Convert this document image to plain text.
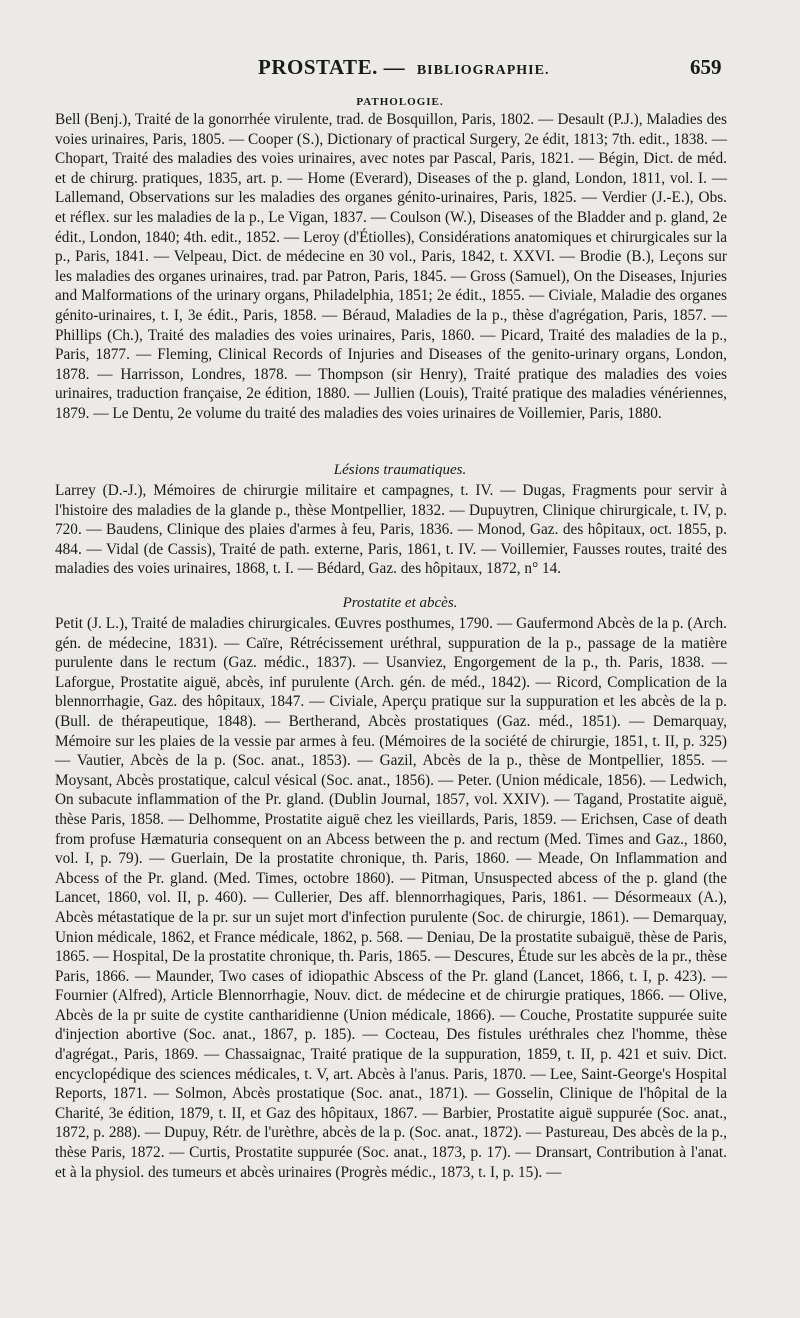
PROSTATE. — BIBLIOGRAPHIE.	659
PATHOLOGIE.
Bell (Benj.), Traité de la gonorrhée virulente, trad. de Bosquillon, Paris, 1802. — Desault (P.J.), Maladies des voies urinaires, Paris, 1805. — Cooper (S.), Dictionary of practical Surgery, 2e édit, 1813; 7th. edit., 1838. — Chopart, Traité des maladies des voies urinaires, avec notes par Pascal, Paris, 1821. — Bégin, Dict. de méd. et de chirurg. pratiques, 1835, art. p. — Home (Everard), Diseases of the p. gland, London, 1811, vol. I. — Lallemand, Observations sur les maladies des organes génito-urinaires, Paris, 1825. — Verdier (J.-E.), Obs. et réflex. sur les maladies de la p., Le Vigan, 1837. — Coulson (W.), Diseases of the Bladder and p. gland, 2e édit., London, 1840; 4th. edit., 1852. — Leroy (d'Étiolles), Considérations anatomiques et chirurgicales sur la p., Paris, 1841. — Velpeau, Dict. de médecine en 30 vol., Paris, 1842, t. XXVI. — Brodie (B.), Leçons sur les maladies des organes urinaires, trad. par Patron, Paris, 1845. — Gross (Samuel), On the Diseases, Injuries and Malformations of the urinary organs, Philadelphia, 1851; 2e édit., 1855. — Civiale, Maladie des organes génito-urinaires, t. I, 3e édit., Paris, 1858. — Béraud, Maladies de la p., thèse d'agrégation, Paris, 1857. — Phillips (Ch.), Traité des maladies des voies urinaires, Paris, 1860. — Picard, Traité des maladies de la p., Paris, 1877. — Fleming, Clinical Records of Injuries and Diseases of the genito-urinary organs, London, 1878. — Harrisson, Londres, 1878. — Thompson (sir Henry), Traité pratique des maladies des voies urinaires, traduction française, 2e édition, 1880. — Jullien (Louis), Traité pratique des maladies vénériennes, 1879. — Le Dentu, 2e volume du traité des maladies des voies urinaires de Voillemier, Paris, 1880.
Lésions traumatiques.
Larrey (D.-J.), Mémoires de chirurgie militaire et campagnes, t. IV. — Dugas, Fragments pour servir à l'histoire des maladies de la glande p., thèse Montpellier, 1832. — Dupuytren, Clinique chirurgicale, t. IV, p. 720. — Baudens, Clinique des plaies d'armes à feu, Paris, 1836. — Monod, Gaz. des hôpitaux, oct. 1855, p. 484. — Vidal (de Cassis), Traité de path. externe, Paris, 1861, t. IV. — Voillemier, Fausses routes, traité des maladies des voies urinaires, 1868, t. I. — Bédard, Gaz. des hôpitaux, 1872, n° 14.
Prostatite et abcès.
Petit (J. L.), Traité de maladies chirurgicales. Œuvres posthumes, 1790. — Gaufermond Abcès de la p. (Arch. gén. de médecine, 1831). — Caïre, Rétrécissement uréthral, suppuration de la p., passage de la matière purulente dans le rectum (Gaz. médic., 1837). — Usanviez, Engorgement de la p., th. Paris, 1838. — Laforgue, Prostatite aiguë, abcès, inf purulente (Arch. gén. de méd., 1842). — Ricord, Complication de la blennorrhagie, Gaz. des hôpitaux, 1847. — Civiale, Aperçu pratique sur la suppuration et les abcès de la p. (Bull. de thérapeutique, 1848). — Bertherand, Abcès prostatiques (Gaz. méd., 1851). — Demarquay, Mémoire sur les plaies de la vessie par armes à feu. (Mémoires de la société de chirurgie, 1851, t. II, p. 325) — Vautier, Abcès de la p. (Soc. anat., 1853). — Gazil, Abcès de la p., thèse de Montpellier, 1855. — Moysant, Abcès prostatique, calcul vésical (Soc. anat., 1856). — Peter. (Union médicale, 1856). — Ledwich, On subacute inflammation of the Pr. gland. (Dublin Journal, 1857, vol. XXIV). — Tagand, Prostatite aiguë, thèse Paris, 1858. — Delhomme, Prostatite aiguë chez les vieillards, Paris, 1859. — Erichsen, Case of death from profuse Hæmaturia consequent on an Abcess between the p. and rectum (Med. Times and Gaz., 1860, vol. I, p. 79). — Guerlain, De la prostatite chronique, th. Paris, 1860. — Meade, On Inflammation and Abcess of the Pr. gland. (Med. Times, octobre 1860). — Pitman, Unsuspected abcess of the p. gland (the Lancet, 1860, vol. II, p. 460). — Cullerier, Des aff. blennorrhagiques, Paris, 1861. — Désormeaux (A.), Abcès métastatique de la pr. sur un sujet mort d'infection purulente (Soc. de chirurgie, 1861). — Demarquay, Union médicale, 1862, et France médicale, 1862, p. 568. — Deniau, De la prostatite subaiguë, thèse de Paris, 1865. — Hospital, De la prostatite chronique, th. Paris, 1865. — Descures, Étude sur les abcès de la pr., thèse Paris, 1866. — Maunder, Two cases of idiopathic Abscess of the Pr. gland (Lancet, 1866, t. I, p. 423). — Fournier (Alfred), Article Blennorrhagie, Nouv. dict. de médecine et de chirurgie pratiques, 1866. — Olive, Abcès de la pr suite de cystite cantharidienne (Union médicale, 1866). — Couche, Prostatite suppurée suite d'injection abortive (Soc. anat., 1867, p. 185). — Cocteau, Des fistules uréthrales chez l'homme, thèse d'agrégat., Paris, 1869. — Chassaignac, Traité pratique de la suppuration, 1859, t. II, p. 421 et suiv. Dict. encyclopédique des sciences médicales, t. V, art. Abcès à l'anus. Paris, 1870. — Lee, Saint-George's Hospital Reports, 1871. — Solmon, Abcès prostatique (Soc. anat., 1871). — Gosselin, Clinique de l'hôpital de la Charité, 3e édition, 1879, t. II, et Gaz des hôpitaux, 1867. — Barbier, Prostatite aiguë suppurée (Soc. anat., 1872, p. 288). — Dupuy, Rétr. de l'urèthre, abcès de la p. (Soc. anat., 1872). — Pastureau, Des abcès de la p., thèse Paris, 1872. — Curtis, Prostatite suppurée (Soc. anat., 1873, p. 17). — Dransart, Contribution à l'anat. et à la physiol. des tumeurs et abcès urinaires (Progrès médic., 1873, t. I, p. 15). —
